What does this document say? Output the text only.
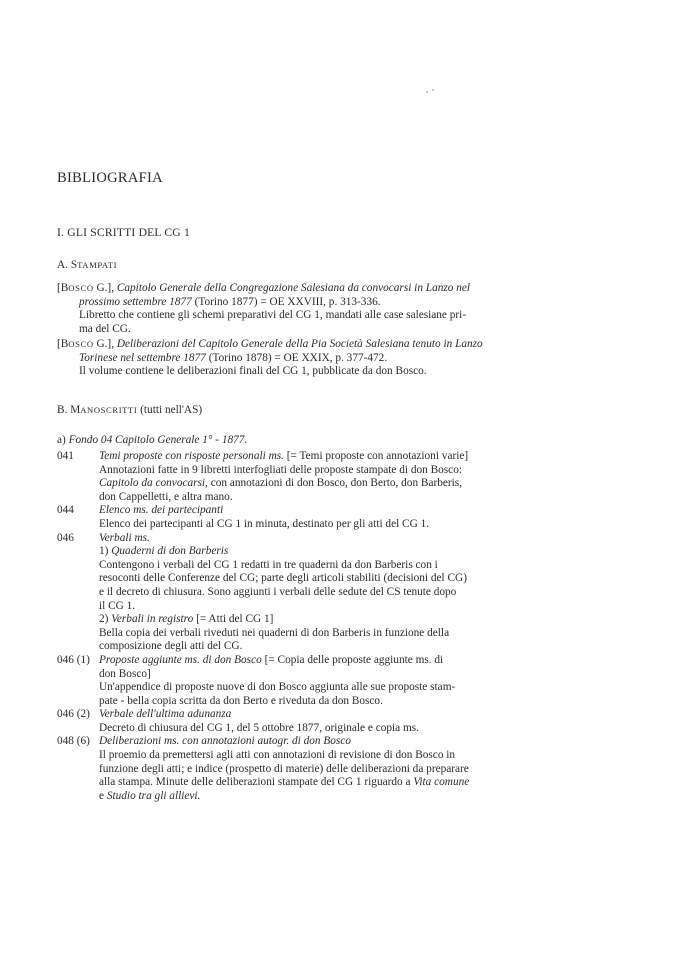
BIBLIOGRAFIA
I. GLI SCRITTI DEL CG 1
A. STAMPATI
[BOSCO G.], Capitolo Generale della Congregazione Salesiana da convocarsi in Lanzo nel
prossimo settembre 1877 (Torino 1877) = OE XXVIII, p. 313-336.
Libretto che contiene gli schemi preparativi del CG 1, mandati alle case salesiane pri-
ma del CG.
[BOSCO G.], Deliberazioni del Capitolo Generale della Pia Società Salesiana tenuto in Lanzo
Torinese nel settembre 1877 (Torino 1878) = OE XXIX, p. 377-472.
Il volume contiene le deliberazioni finali del CG 1, pubblicate da don Bosco.
B. MANOSCRITTI (tutti nell'AS)
a) Fondo 04 Capitolo Generale 1° - 1877.
041	Temi proposte con risposte personali ms. [= Temi proposte con annotazioni varie]
Annotazioni fatte in 9 libretti interfogliati delle proposte stampate di don Bosco:
Capitolo da convocarsi, con annotazioni di don Bosco, don Berto, don Barberis,
don Cappelletti, e altra mano.
044	Elenco ms. dei partecipanti
Elenco dei partecipanti al CG 1 in minuta, destinato per gli atti del CG 1.
046	Verbali ms.
1) Quaderni di don Barberis
Contengono i verbali del CG 1 redatti in tre quaderni da don Barberis con i
resoconti delle Conferenze del CG; parte degli articoli stabiliti (decisioni del CG)
e il decreto di chiusura. Sono aggiunti i verbali delle sedute del CS tenute dopo
il CG 1.
2) Verbali in registro [= Atti del CG 1]
Bella copia dei verbali riveduti nei quaderni di don Barberis in funzione della
composizione degli atti del CG.
046 (1) Proposte aggiunte ms. di don Bosco [= Copia delle proposte aggiunte ms. di
don Bosco]
Un'appendice di proposte nuove di don Bosco aggiunta alle sue proposte stam-
pate - bella copia scritta da don Berto e riveduta da don Bosco.
046 (2) Verbale dell'ultima adunanza
Decreto di chiusura del CG 1, del 5 ottobre 1877, originale e copia ms.
048 (6) Deliberazioni ms. con annotazioni autogr. di don Bosco
Il proemio da premettersi agli atti con annotazioni di revisione di don Bosco in
funzione degli atti; e indice (prospetto di materie) delle deliberazioni da preparare
alla stampa. Minute delle deliberazioni stampate del CG 1 riguardo a Vita comune
e Studio tra gli allievi.
